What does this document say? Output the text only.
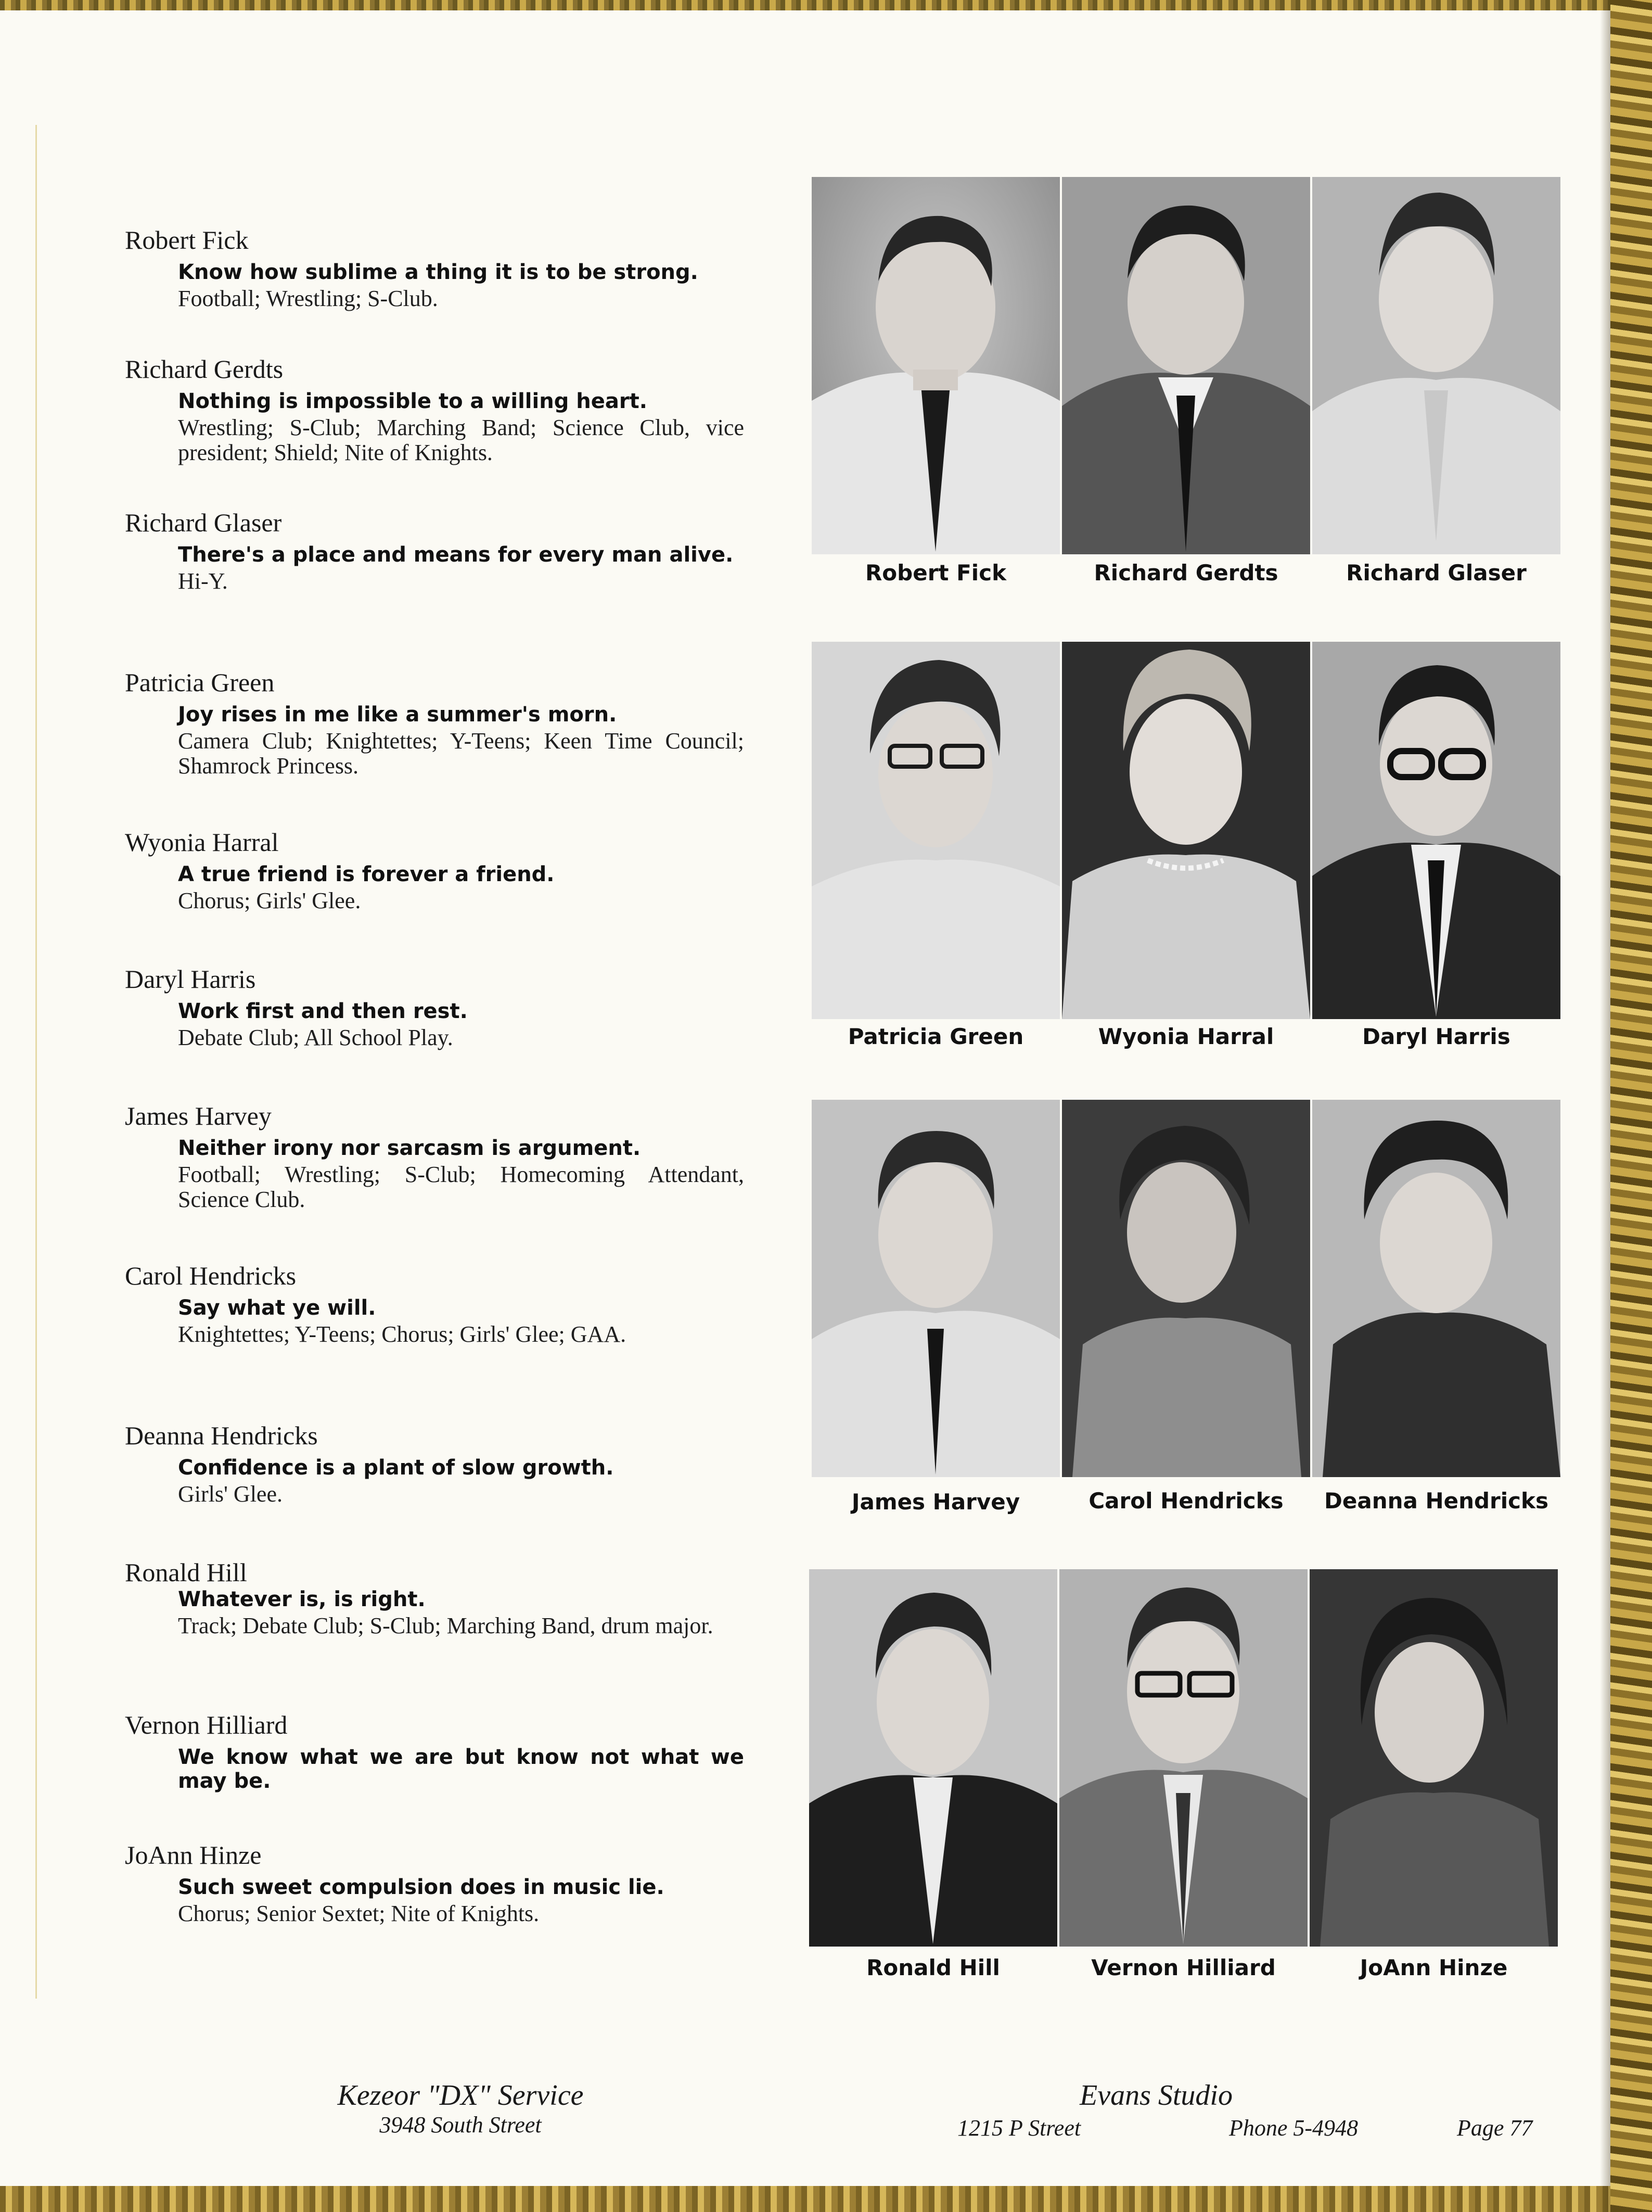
Robert Fick
Know how sublime a thing it is to be strong.
Football; Wrestling; S-Club.
Richard Gerdts
Nothing is impossible to a willing heart.
Wrestling; S-Club; Marching Band; Science Club, vice president; Shield; Nite of Knights.
Richard Glaser
There's a place and means for every man alive.
Hi-Y.
Patricia Green
Joy rises in me like a summer's morn.
Camera Club; Knightettes; Y-Teens; Keen Time Council; Shamrock Princess.
Wyonia Harral
A true friend is forever a friend.
Chorus; Girls' Glee.
Daryl Harris
Work first and then rest.
Debate Club; All School Play.
James Harvey
Neither irony nor sarcasm is argument.
Football; Wrestling; S-Club; Homecoming Attendant, Science Club.
Carol Hendricks
Say what ye will.
Knightettes; Y-Teens; Chorus; Girls' Glee; GAA.
Deanna Hendricks
Confidence is a plant of slow growth.
Girls' Glee.
Ronald Hill
Whatever is, is right.
Track; Debate Club; S-Club; Marching Band, drum major.
Vernon Hilliard
We know what we are but know not what we may be.
JoAnn Hinze
Such sweet compulsion does in music lie.
Chorus; Senior Sextet; Nite of Knights.
Robert Fick	Richard Gerdts	Richard Glaser
Patricia Green	Wyonia Harral	Daryl Harris
James Harvey	Carol Hendricks	Deanna Hendricks
Ronald Hill	Vernon Hilliard	JoAnn Hinze
Kezeor "DX" Service
3948 South Street
Evans Studio
1215 P Street	Phone 5-4948	Page 77
